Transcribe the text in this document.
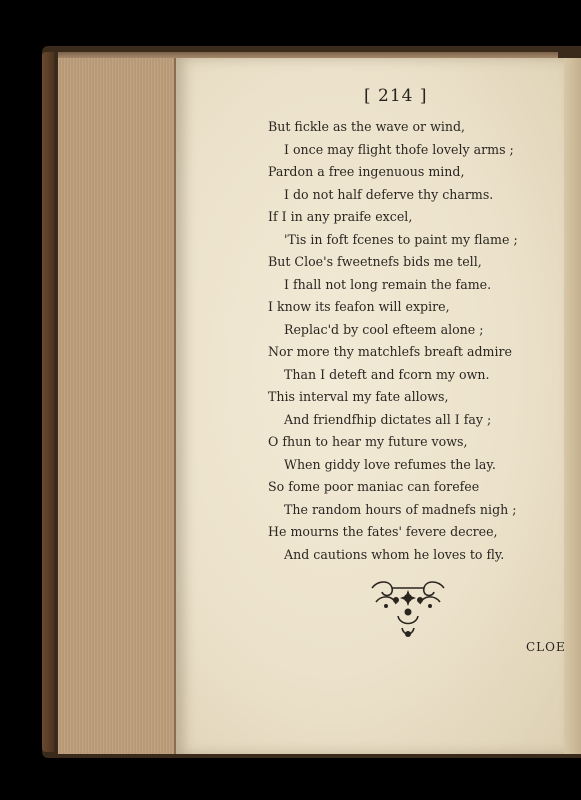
[ 214 ]
But fickle as the wave or wind,
I once may flight thofe lovely arms ;
Pardon a free ingenuous mind,
I do not half deferve thy charms.
If I in any praife excel,
'Tis in foft fcenes to paint my flame ;
But Cloe's fweetnefs bids me tell,
I fhall not long remain the fame.
I know its feafon will expire,
Replac'd by cool efteem alone ;
Nor more thy matchlefs breaft admire
Than I deteft and fcorn my own.
This interval my fate allows,
And friendfhip dictates all I fay ;
O fhun to hear my future vows,
When giddy love refumes the lay.
So fome poor maniac can forefee
The random hours of madnefs nigh ;
He mourns the fates' fevere decree,
And cautions whom he loves to fly.
CLOE
